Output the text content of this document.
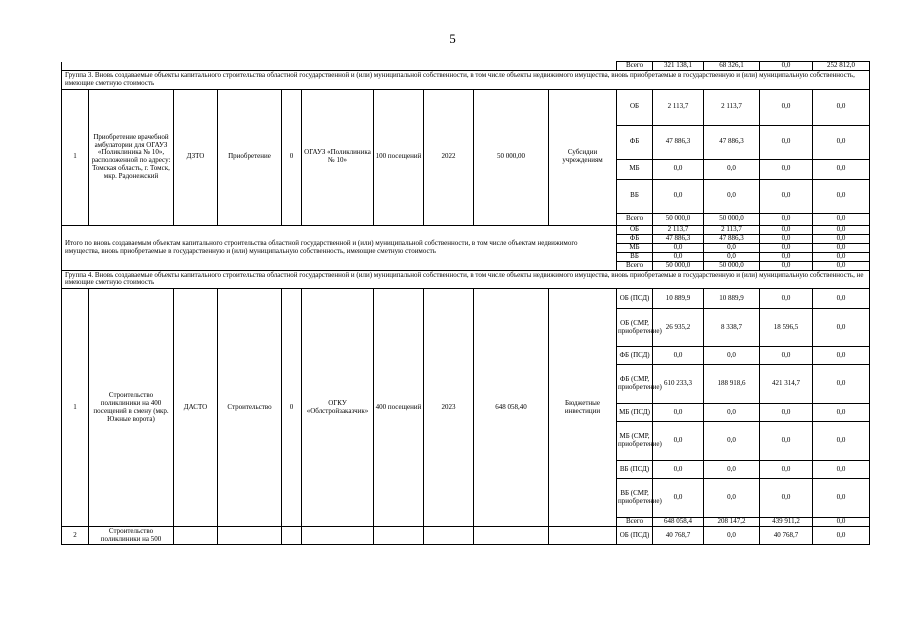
5
										Всего	321 138,1	68 326,1	0,0	252 812,0
Группа 3. Вновь создаваемые объекты капитального строительства областной государственной и (или) муниципальной собственности, в том числе объекты недвижимого имущества, вновь приобретаемые в государственную и (или) муниципальную собственность, имеющие сметную стоимость														
1	Приобретение врачебной амбулатории для ОГАУЗ «Поликлиника № 10», расположенной по адресу: Томская область, г. Томск, мкр. Радонежский	ДЗТО	Приобретение	0	ОГАУЗ «Поликлиника № 10»	100 посещений	2022	50 000,00	Субсидии учреждениям	ОБ	2 113,7	2 113,7	0,0	0,0
										ФБ	47 886,3	47 886,3	0,0	0,0
										МБ	0,0	0,0	0,0	0,0
										ВБ	0,0	0,0	0,0	0,0
										Всего	50 000,0	50 000,0	0,0	0,0
Итого по вновь создаваемым объектам капитального строительства областной государственной и (или) муниципальной собственности, в том числе объектам недвижимого имущества, вновь приобретаемые в государственную и (или) муниципальную собственность, имеющие сметную стоимость										ОБ	2 113,7	2 113,7	0,0	0,0
										ФБ	47 886,3	47 886,3	0,0	0,0
										МБ	0,0	0,0	0,0	0,0
										ВБ	0,0	0,0	0,0	0,0
										Всего	50 000,0	50 000,0	0,0	0,0
Группа 4. Вновь создаваемые объекты капитального строительства областной государственной и (или) муниципальной собственности, в том числе объекты недвижимого имущества, вновь приобретаемые в государственную и (или) муниципальную собственность, не имеющие сметную стоимость														
1	Строительство поликлиники на 400 посещений в смену (мкр. Южные ворота)	ДАСТО	Строительство	0	ОГКУ «Облстройзаказчик»	400 посещений	2023	648 058,40	Бюджетные инвестиции	ОБ (ПСД)	10 889,9	10 889,9	0,0	0,0
										ОБ (СМР, приобретение)	26 935,2	8 338,7	18 596,5	0,0
										ФБ (ПСД)	0,0	0,0	0,0	0,0
										ФБ (СМР, приобретение)	610 233,3	188 918,6	421 314,7	0,0
										МБ (ПСД)	0,0	0,0	0,0	0,0
										МБ (СМР, приобретение)	0,0	0,0	0,0	0,0
										ВБ (ПСД)	0,0	0,0	0,0	0,0
										ВБ (СМР, приобретение)	0,0	0,0	0,0	0,0
										Всего	648 058,4	208 147,2	439 911,2	0,0
2	Строительство поликлиники на 500									ОБ (ПСД)	40 768,7	0,0	40 768,7	0,0
